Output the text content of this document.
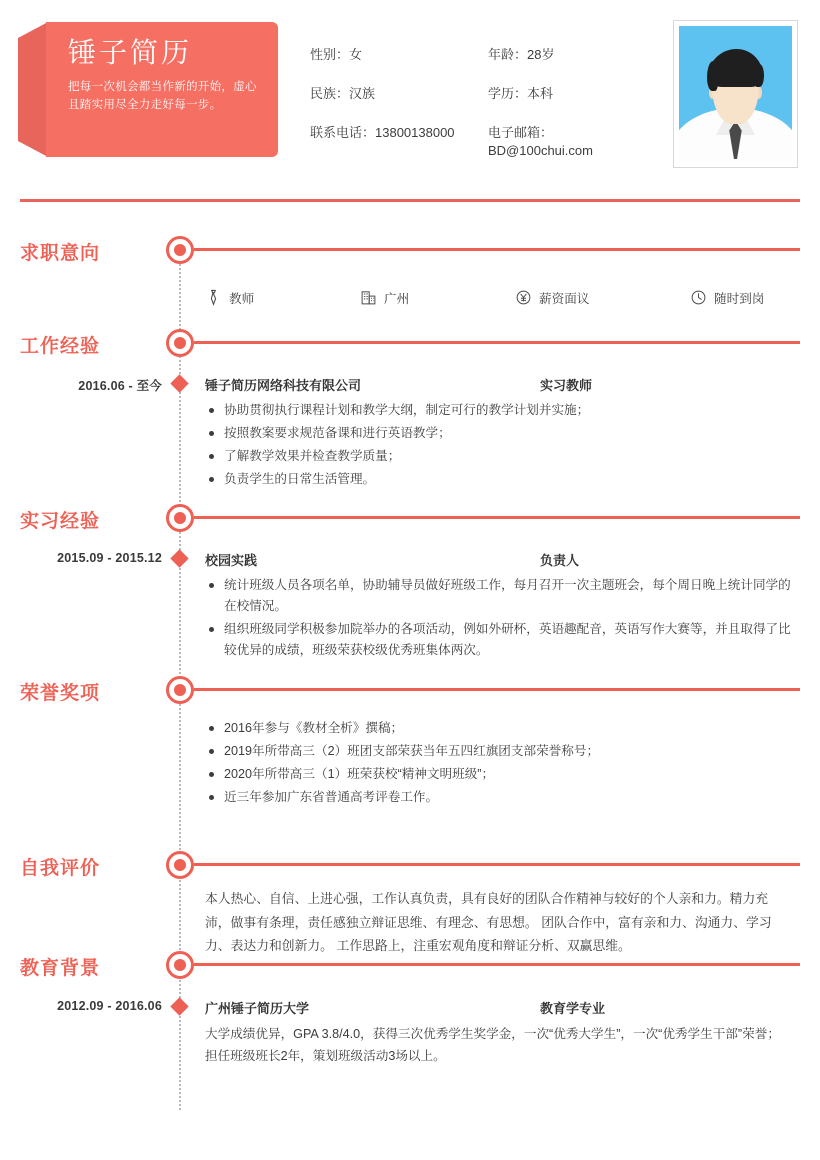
锤子简历
把每一次机会都当作新的开始，虚心且踏实用尽全力走好每一步。
性别：女	年龄：28岁
民族：汉族	学历：本科
联系电话：13800138000	电子邮箱：BD@100chui.com
求职意向
教师	广州	薪资面议	随时到岗
工作经验
2016.06 - 至今	锤子简历网络科技有限公司	实习教师
协助贯彻执行课程计划和教学大纲，制定可行的教学计划并实施；
按照教案要求规范备课和进行英语教学；
了解教学效果并检查教学质量；
负责学生的日常生活管理。
实习经验
2015.09 - 2015.12	校园实践	负责人
统计班级人员各项名单，协助辅导员做好班级工作，每月召开一次主题班会，每个周日晚上统计同学的在校情况。
组织班级同学积极参加院举办的各项活动，例如外研杯，英语趣配音，英语写作大赛等，并且取得了比较优异的成绩，班级荣获校级优秀班集体两次。
荣誉奖项
2016年参与《教材全析》撰稿；
2019年所带高三（2）班团支部荣获当年五四红旗团支部荣誉称号；
2020年所带高三（1）班荣获校“精神文明班级”；
近三年参加广东省普通高考评卷工作。
自我评价

本人热心、自信、上进心强，工作认真负责，具有良好的团队合作精神与较好的个人亲和力。精力充沛，做事有条理，责任感独立辩证思维、有理念、有思想。 团队合作中，富有亲和力、沟通力、学习力、表达力和创新力。 工作思路上，注重宏观角度和辩证分析、双赢思维。

教育背景
2012.09 - 2016.06	广州锤子简历大学	教育学专业

大学成绩优异，GPA 3.8/4.0，获得三次优秀学生奖学金，一次“优秀大学生”，一次“优秀学生干部”荣誉；担任班级班长2年，策划班级活动3场以上。
